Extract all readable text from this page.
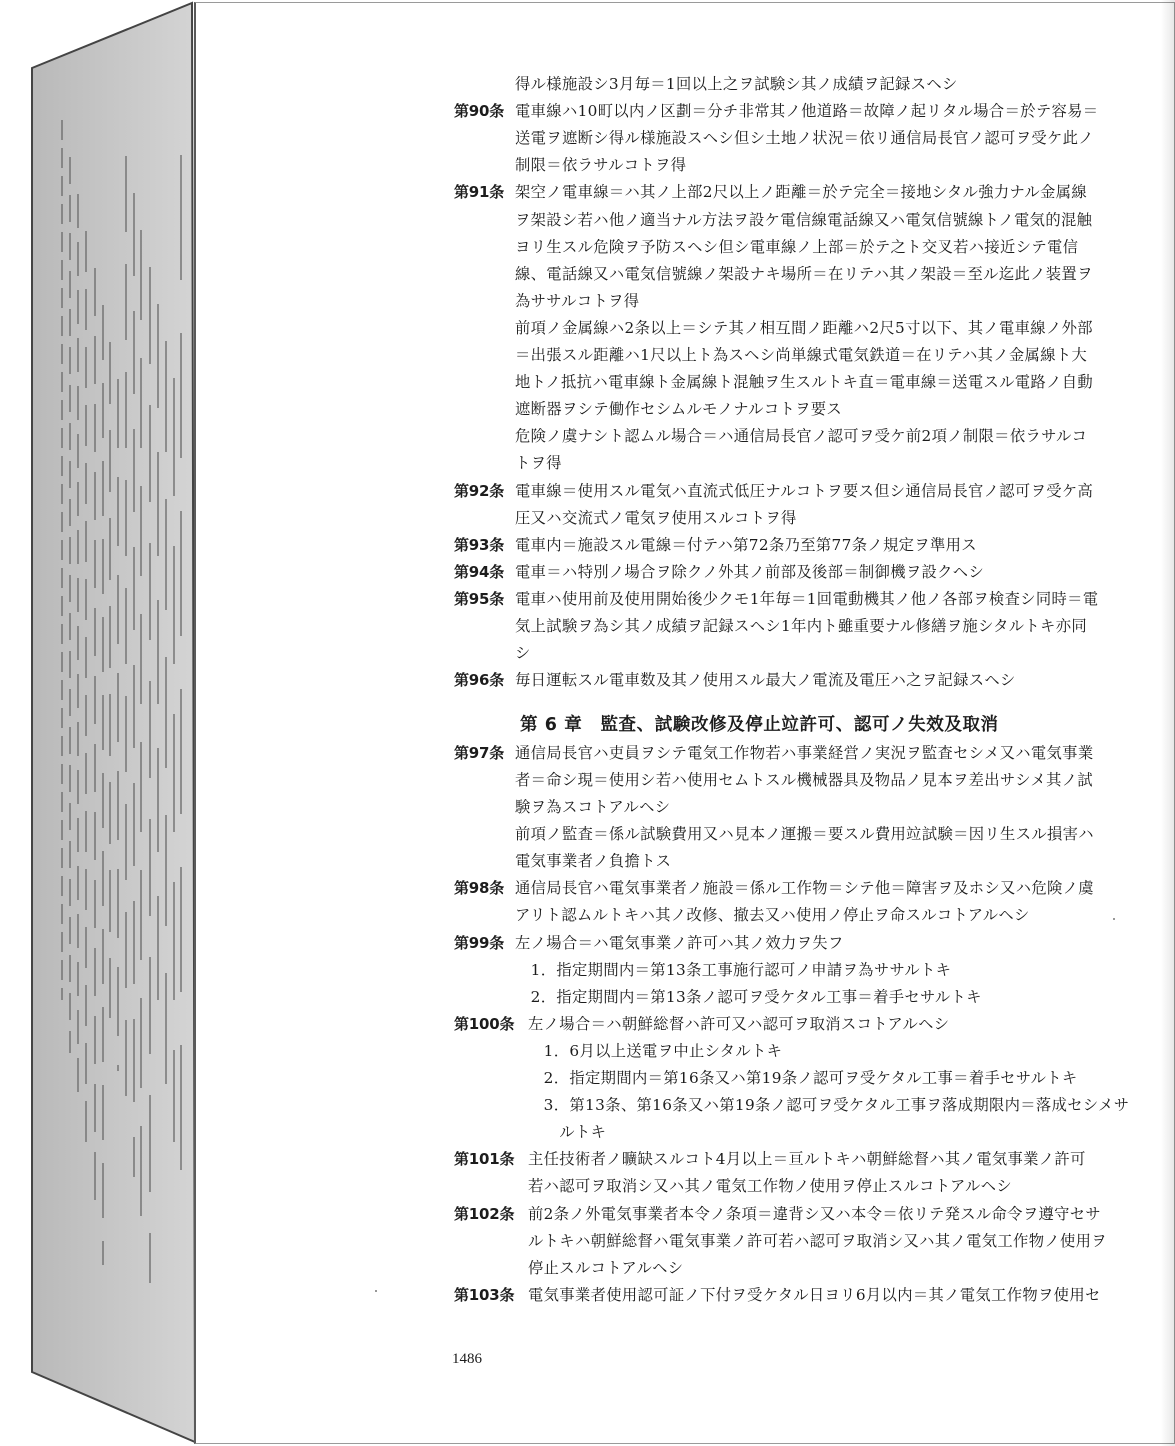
得ル様施設シ3月毎＝1回以上之ヲ試験シ其ノ成績ヲ記録スヘシ
第90条 電車線ハ10町以内ノ区劃＝分チ非常其ノ他道路＝故障ノ起リタル場合＝於テ容易＝
送電ヲ遮断シ得ル様施設スヘシ但シ土地ノ状況＝依リ通信局長官ノ認可ヲ受ケ此ノ
制限＝依ラサルコトヲ得
第91条 架空ノ電車線＝ハ其ノ上部2尺以上ノ距離＝於テ完全＝接地シタル強力ナル金属線
ヲ架設シ若ハ他ノ適当ナル方法ヲ設ケ電信線電話線又ハ電気信號線トノ電気的混触
ヨリ生スル危険ヲ予防スヘシ但シ電車線ノ上部＝於テ之ト交叉若ハ接近シテ電信
線、電話線又ハ電気信號線ノ架設ナキ場所＝在リテハ其ノ架設＝至ル迄此ノ装置ヲ
為ササルコトヲ得
前項ノ金属線ハ2条以上＝シテ其ノ相互間ノ距離ハ2尺5寸以下、其ノ電車線ノ外部
＝出張スル距離ハ1尺以上ト為スヘシ尚単線式電気鉄道＝在リテハ其ノ金属線ト大
地トノ抵抗ハ電車線ト金属線ト混触ヲ生スルトキ直＝電車線＝送電スル電路ノ自動
遮断器ヲシテ働作セシムルモノナルコトヲ要ス
危険ノ虞ナシト認ムル場合＝ハ通信局長官ノ認可ヲ受ケ前2項ノ制限＝依ラサルコ
トヲ得
第92条 電車線＝使用スル電気ハ直流式低圧ナルコトヲ要ス但シ通信局長官ノ認可ヲ受ケ高
圧又ハ交流式ノ電気ヲ使用スルコトヲ得
第93条 電車内＝施設スル電線＝付テハ第72条乃至第77条ノ規定ヲ準用ス
第94条 電車＝ハ特別ノ場合ヲ除クノ外其ノ前部及後部＝制御機ヲ設クヘシ
第95条 電車ハ使用前及使用開始後少クモ1年毎＝1回電動機其ノ他ノ各部ヲ検査シ同時＝電
気上試験ヲ為シ其ノ成績ヲ記録スヘシ1年内ト雖重要ナル修繕ヲ施シタルトキ亦同
シ
第96条 毎日運転スル電車数及其ノ使用スル最大ノ電流及電圧ハ之ヲ記録スヘシ
第 6 章　監査、試験改修及停止竝許可、認可ノ失效及取消
第97条 通信局長官ハ吏員ヲシテ電気工作物若ハ事業経営ノ実況ヲ監査セシメ又ハ電気事業
者＝命シ現＝使用シ若ハ使用セムトスル機械器具及物品ノ見本ヲ差出サシメ其ノ試
験ヲ為スコトアルヘシ
前項ノ監査＝係ル試験費用又ハ見本ノ運搬＝要スル費用竝試験＝因リ生スル損害ハ
電気事業者ノ負擔トス
第98条 通信局長官ハ電気事業者ノ施設＝係ル工作物＝シテ他＝障害ヲ及ホシ又ハ危険ノ虞
アリト認ムルトキハ其ノ改修、撤去又ハ使用ノ停止ヲ命スルコトアルヘシ
第99条 左ノ場合＝ハ電気事業ノ許可ハ其ノ效力ヲ失フ
　1．指定期間内＝第13条工事施行認可ノ申請ヲ為ササルトキ
　2．指定期間内＝第13条ノ認可ヲ受ケタル工事＝着手セサルトキ
第100条 左ノ場合＝ハ朝鮮総督ハ許可又ハ認可ヲ取消スコトアルヘシ
　1．6月以上送電ヲ中止シタルトキ
　2．指定期間内＝第16条又ハ第19条ノ認可ヲ受ケタル工事＝着手セサルトキ
　3．第13条、第16条又ハ第19条ノ認可ヲ受ケタル工事ヲ落成期限内＝落成セシメサ
　　ルトキ
第101条 主任技術者ノ曠缺スルコト4月以上＝亘ルトキハ朝鮮総督ハ其ノ電気事業ノ許可
若ハ認可ヲ取消シ又ハ其ノ電気工作物ノ使用ヲ停止スルコトアルヘシ
第102条 前2条ノ外電気事業者本令ノ条項＝違背シ又ハ本令＝依リテ発スル命令ヲ遵守セサ
ルトキハ朝鮮総督ハ電気事業ノ許可若ハ認可ヲ取消シ又ハ其ノ電気工作物ノ使用ヲ
停止スルコトアルヘシ
第103条 電気事業者使用認可証ノ下付ヲ受ケタル日ヨリ6月以内＝其ノ電気工作物ヲ使用セ
1486
